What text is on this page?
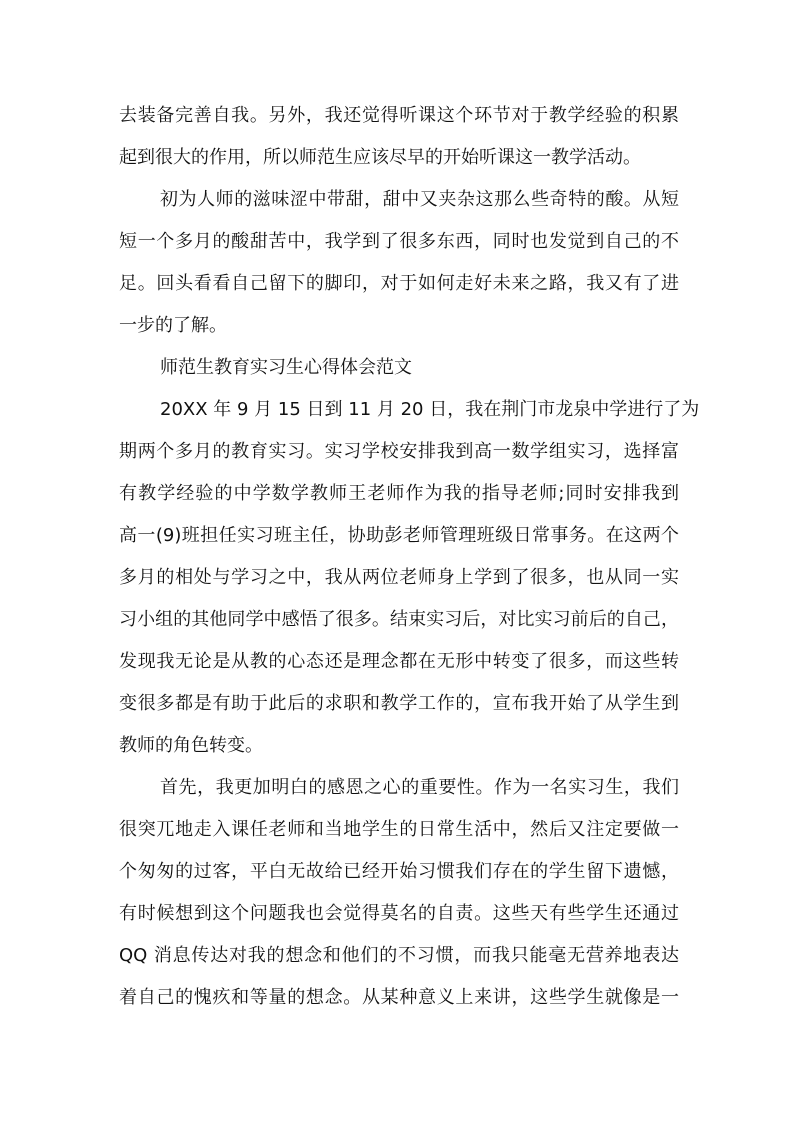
去装备完善自我。另外，我还觉得听课这个环节对于教学经验的积累
起到很大的作用，所以师范生应该尽早的开始听课这一教学活动。
初为人师的滋味涩中带甜，甜中又夹杂这那么些奇特的酸。从短
短一个多月的酸甜苦中，我学到了很多东西，同时也发觉到自己的不
足。回头看看自己留下的脚印，对于如何走好未来之路，我又有了进
一步的了解。
师范生教育实习生心得体会范文
20XX 年 9 月 15 日到 11 月 20 日，我在荆门市龙泉中学进行了为
期两个多月的教育实习。实习学校安排我到高一数学组实习，选择富
有教学经验的中学数学教师王老师作为我的指导老师;同时安排我到
高一(9)班担任实习班主任，协助彭老师管理班级日常事务。在这两个
多月的相处与学习之中，我从两位老师身上学到了很多，也从同一实
习小组的其他同学中感悟了很多。结束实习后，对比实习前后的自己，
发现我无论是从教的心态还是理念都在无形中转变了很多，而这些转
变很多都是有助于此后的求职和教学工作的，宣布我开始了从学生到
教师的角色转变。
首先，我更加明白的感恩之心的重要性。作为一名实习生，我们
很突兀地走入课任老师和当地学生的日常生活中，然后又注定要做一
个匆匆的过客，平白无故给已经开始习惯我们存在的学生留下遗憾，
有时候想到这个问题我也会觉得莫名的自责。这些天有些学生还通过
QQ 消息传达对我的想念和他们的不习惯，而我只能毫无营养地表达
着自己的愧疚和等量的想念。从某种意义上来讲，这些学生就像是一
